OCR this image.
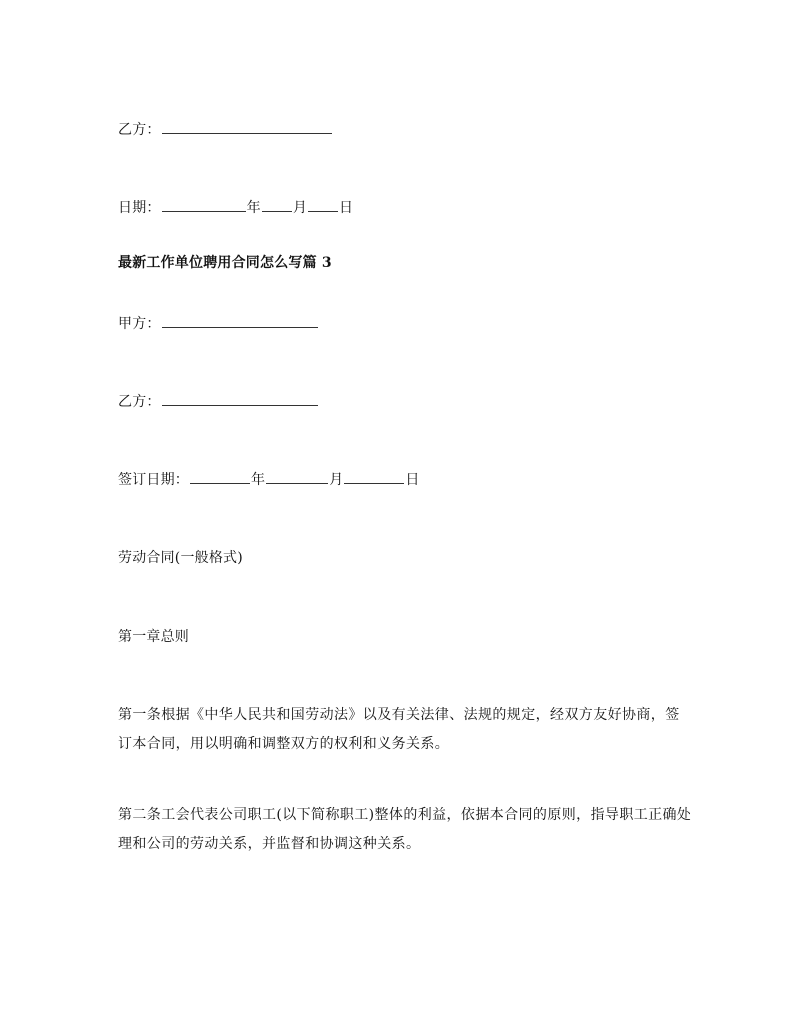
乙方：
日期：	年 月 日
最新工作单位聘用合同怎么写篇 3
甲方：
乙方：
签订日期：	年	月	日
劳动合同(一般格式)
第一章总则
第一条根据《中华人民共和国劳动法》以及有关法律、法规的规定，经双方友好协商，签订本合同，用以明确和调整双方的权利和义务关系。
第二条工会代表公司职工(以下简称职工)整体的利益，依据本合同的原则，指导职工正确处理和公司的劳动关系，并监督和协调这种关系。
